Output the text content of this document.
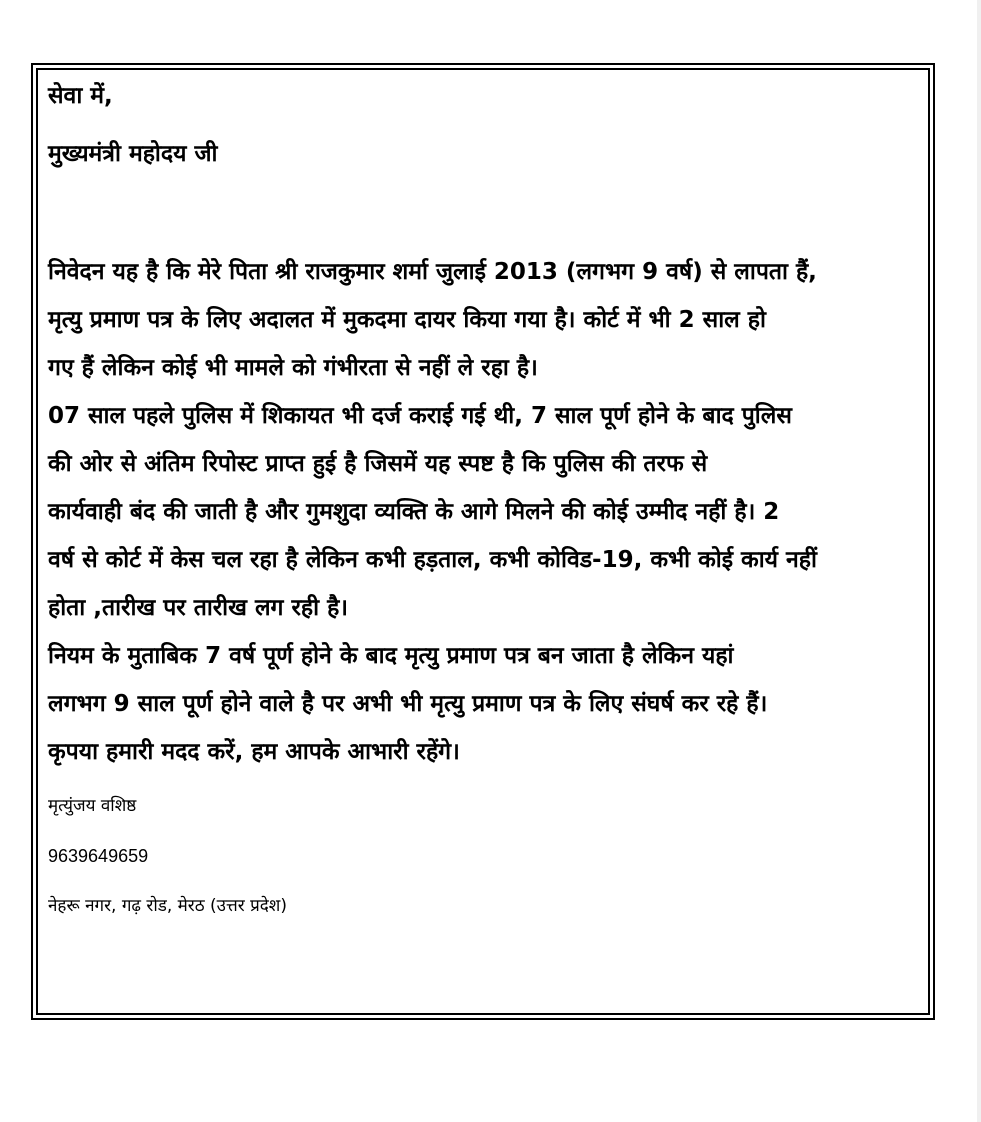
सेवा में,

मुख्यमंत्री महोदय जी

निवेदन यह है कि मेरे पिता श्री राजकुमार शर्मा जुलाई 2013 (लगभग 9 वर्ष) से लापता हैं,
मृत्यु प्रमाण पत्र के लिए अदालत में मुकदमा दायर किया गया है। कोर्ट में भी 2 साल हो
गए हैं लेकिन कोई भी मामले को गंभीरता से नहीं ले रहा है।
07 साल पहले पुलिस में शिकायत भी दर्ज कराई गई थी, 7 साल पूर्ण होने के बाद पुलिस
की ओर से अंतिम रिपोस्ट प्राप्त हुई है जिसमें यह स्पष्ट है कि पुलिस की तरफ से
कार्यवाही बंद की जाती है और गुमशुदा व्यक्ति के आगे मिलने की कोई उम्मीद नहीं है। 2
वर्ष से कोर्ट में केस चल रहा है लेकिन कभी हड़ताल, कभी कोविड-19, कभी कोई कार्य नहीं
होता ,तारीख पर तारीख लग रही है।
नियम के मुताबिक 7 वर्ष पूर्ण होने के बाद मृत्यु प्रमाण पत्र बन जाता है लेकिन यहां
लगभग 9 साल पूर्ण होने वाले है पर अभी भी मृत्यु प्रमाण पत्र के लिए संघर्ष कर रहे हैं।
कृपया हमारी मदद करें, हम आपके आभारी रहेंगे।

मृत्युंजय वशिष्ठ

9639649659

नेहरू नगर, गढ़ रोड, मेरठ (उत्तर प्रदेश)
